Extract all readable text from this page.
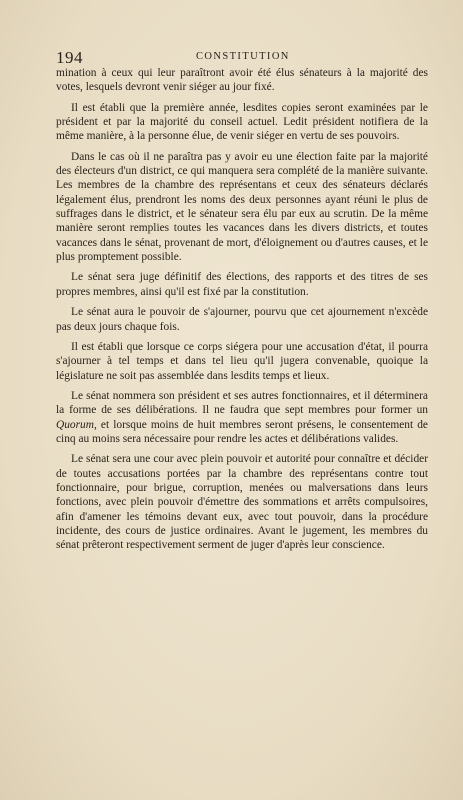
194	CONSTITUTION

mination à ceux qui leur paraîtront avoir été élus sénateurs à la majorité des votes, lesquels devront venir siéger au jour fixé.

Il est établi que la première année, lesdites copies seront examinées par le président et par la majorité du conseil actuel. Ledit président notifiera de la même manière, à la personne élue, de venir siéger en vertu de ses pouvoirs.

Dans le cas où il ne paraîtra pas y avoir eu une élection faite par la majorité des électeurs d'un district, ce qui manquera sera complété de la manière suivante. Les membres de la chambre des représentans et ceux des sénateurs déclarés légalement élus, prendront les noms des deux personnes ayant réuni le plus de suffrages dans le district, et le sénateur sera élu par eux au scrutin. De la même manière seront remplies toutes les vacances dans les divers districts, et toutes vacances dans le sénat, provenant de mort, d'éloignement ou d'autres causes, et le plus promptement possible.

Le sénat sera juge définitif des élections, des rapports et des titres de ses propres membres, ainsi qu'il est fixé par la constitution.

Le sénat aura le pouvoir de s'ajourner, pourvu que cet ajournement n'excède pas deux jours chaque fois.

Il est établi que lorsque ce corps siégera pour une accusation d'état, il pourra s'ajourner à tel temps et dans tel lieu qu'il jugera convenable, quoique la législature ne soit pas assemblée dans lesdits temps et lieux.

Le sénat nommera son président et ses autres fonctionnaires, et il déterminera la forme de ses délibérations. Il ne faudra que sept membres pour former un Quorum, et lorsque moins de huit membres seront présens, le consentement de cinq au moins sera nécessaire pour rendre les actes et délibérations valides.

Le sénat sera une cour avec plein pouvoir et autorité pour connaître et décider de toutes accusations portées par la chambre des représentans contre tout fonctionnaire, pour brigue, corruption, menées ou malversations dans leurs fonctions, avec plein pouvoir d'émettre des sommations et arrêts compulsoires, afin d'amener les témoins devant eux, avec tout pouvoir, dans la procédure incidente, des cours de justice ordinaires. Avant le jugement, les membres du sénat prêteront respectivement serment de juger d'après leur conscience.
